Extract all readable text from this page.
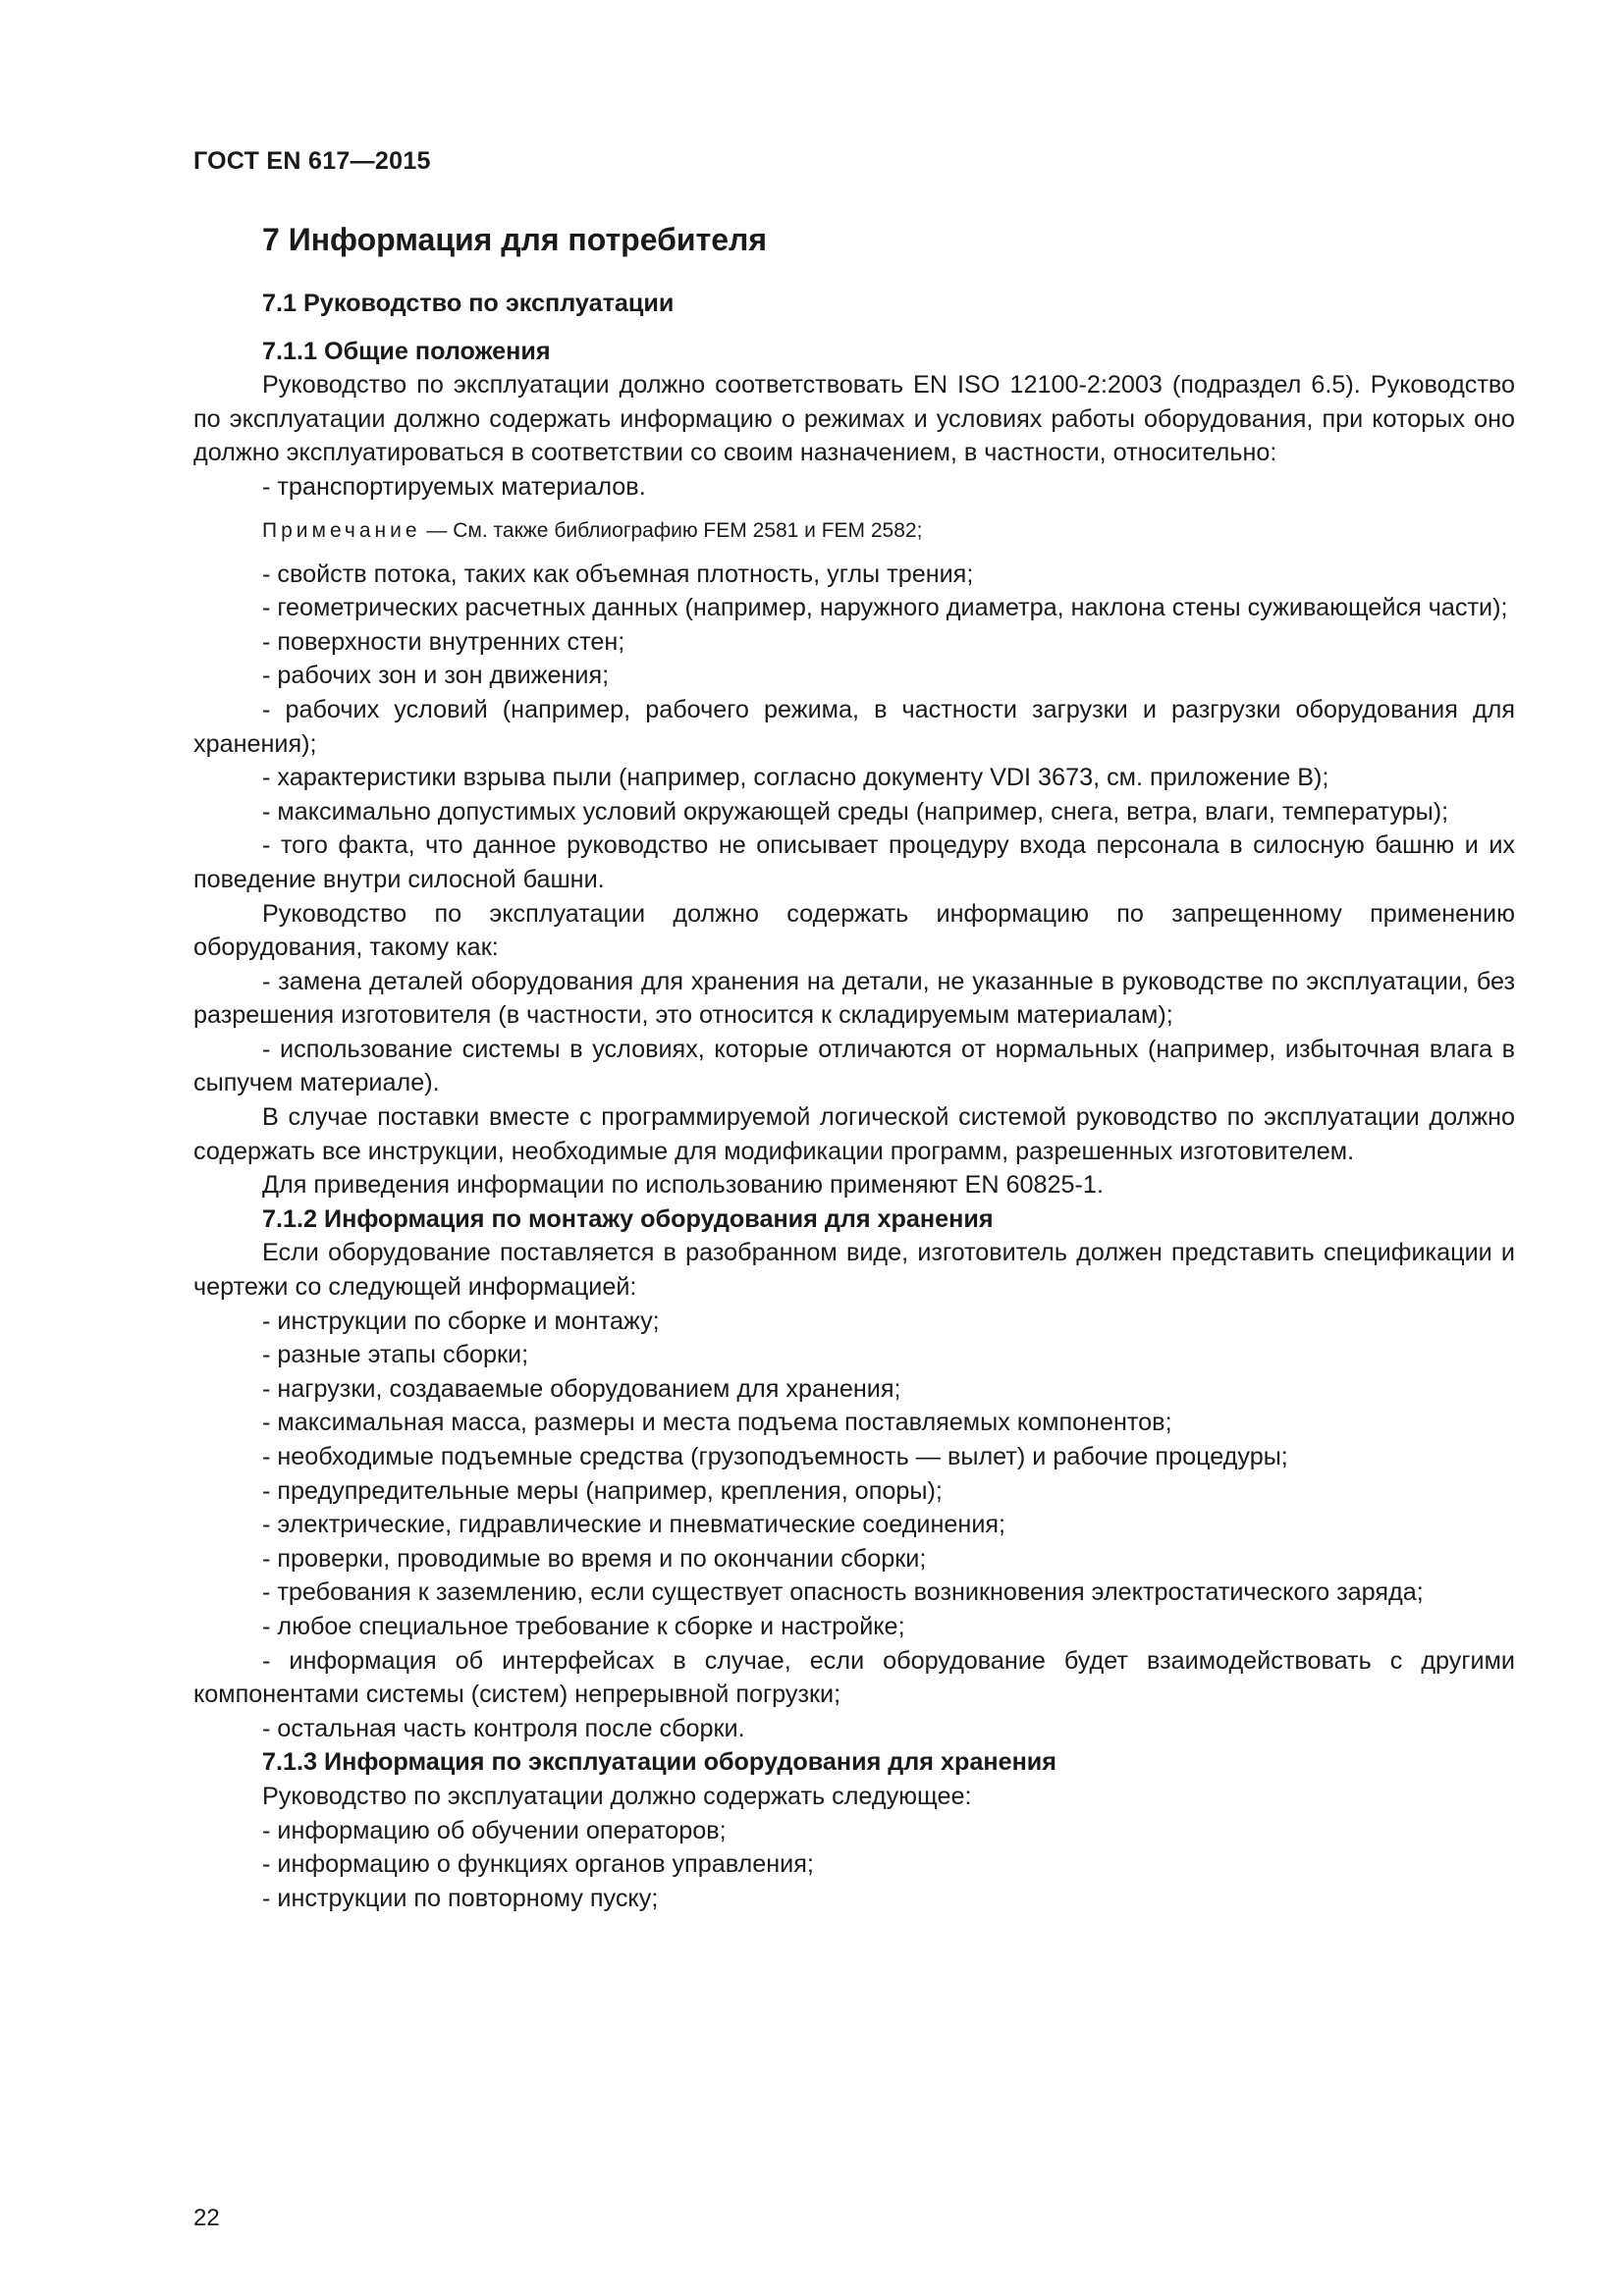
ГОСТ EN 617—2015

7 Информация для потребителя

7.1 Руководство по эксплуатации

7.1.1 Общие положения

Руководство по эксплуатации должно соответствовать EN ISO 12100-2:2003 (подраздел 6.5). Руководство по эксплуатации должно содержать информацию о режимах и условиях работы оборудования, при которых оно должно эксплуатироваться в соответствии со своим назначением, в частности, относительно:

- транспортируемых материалов.

Примечание — См. также библиографию FEM 2581 и FEM 2582;

- свойств потока, таких как объемная плотность, углы трения;

- геометрических расчетных данных (например, наружного диаметра, наклона стены суживающейся части);

- поверхности внутренних стен;

- рабочих зон и зон движения;

- рабочих условий (например, рабочего режима, в частности загрузки и разгрузки оборудования для хранения);

- характеристики взрыва пыли (например, согласно документу VDI 3673, см. приложение В);

- максимально допустимых условий окружающей среды (например, снега, ветра, влаги, температуры);

- того факта, что данное руководство не описывает процедуру входа персонала в силосную башню и их поведение внутри силосной башни.

Руководство по эксплуатации должно содержать информацию по запрещенному применению оборудования, такому как:

- замена деталей оборудования для хранения на детали, не указанные в руководстве по эксплуатации, без разрешения изготовителя (в частности, это относится к складируемым материалам);

- использование системы в условиях, которые отличаются от нормальных (например, избыточная влага в сыпучем материале).

В случае поставки вместе с программируемой логической системой руководство по эксплуатации должно содержать все инструкции, необходимые для модификации программ, разрешенных изготовителем.

Для приведения информации по использованию применяют EN 60825-1.

7.1.2 Информация по монтажу оборудования для хранения

Если оборудование поставляется в разобранном виде, изготовитель должен представить спецификации и чертежи со следующей информацией:

- инструкции по сборке и монтажу;

- разные этапы сборки;

- нагрузки, создаваемые оборудованием для хранения;

- максимальная масса, размеры и места подъема поставляемых компонентов;

- необходимые подъемные средства (грузоподъемность — вылет) и рабочие процедуры;

- предупредительные меры (например, крепления, опоры);

- электрические, гидравлические и пневматические соединения;

- проверки, проводимые во время и по окончании сборки;

- требования к заземлению, если существует опасность возникновения электростатического заряда;

- любое специальное требование к сборке и настройке;

- информация об интерфейсах в случае, если оборудование будет взаимодействовать с другими компонентами системы (систем) непрерывной погрузки;

- остальная часть контроля после сборки.

7.1.3 Информация по эксплуатации оборудования для хранения

Руководство по эксплуатации должно содержать следующее:

- информацию об обучении операторов;

- информацию о функциях органов управления;

- инструкции по повторному пуску;

22
